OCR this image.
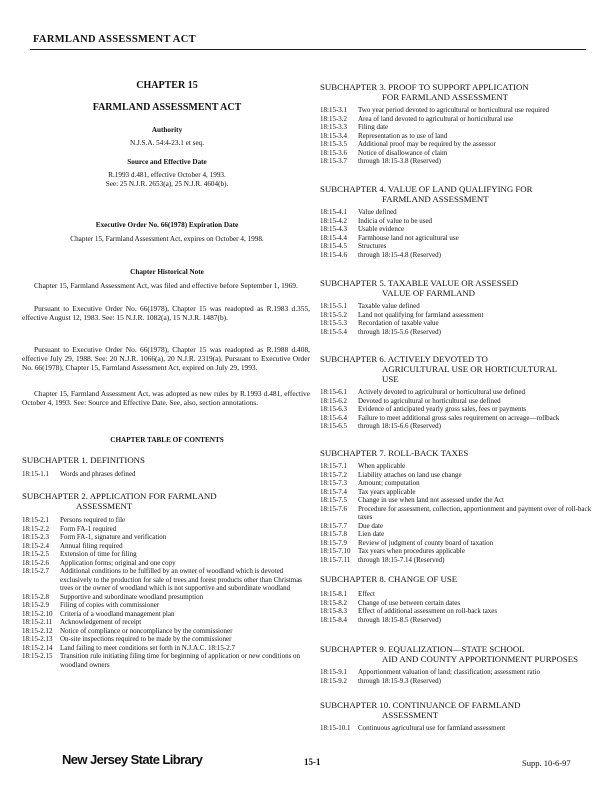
FARMLAND ASSESSMENT ACT
CHAPTER 15
FARMLAND ASSESSMENT ACT
Authority
N.J.S.A. 54:4-23.1 et seq.
Source and Effective Date
R.1993 d.481, effective October 4, 1993.
See: 25 N.J.R. 2653(a), 25 N.J.R. 4604(b).
Executive Order No. 66(1978) Expiration Date
Chapter 15, Farmland Assessment Act, expires on October 4, 1998.
Chapter Historical Note
Chapter 15, Farmland Assessment Act, was filed and effective before September 1, 1969.
Pursuant to Executive Order No. 66(1978), Chapter 15 was readopted as R.1983 d.355, effective August 12, 1983. See: 15 N.J.R. 1082(a), 15 N.J.R. 1487(b).
Pursuant to Executive Order No. 66(1978), Chapter 15 was readopted as R.1988 d.408, effective July 29, 1988. See: 20 N.J.R. 1066(a), 20 N.J.R. 2319(a). Pursuant to Executive Order No. 66(1978), Chapter 15, Farmland Assessment Act, expired on July 29, 1993.
Chapter 15, Farmland Assessment Act, was adopted as new rules by R.1993 d.481, effective October 4, 1993. See: Source and Effective Date. See, also, section annotations.
CHAPTER TABLE OF CONTENTS
SUBCHAPTER 1. DEFINITIONS
18:15-1.1 Words and phrases defined
SUBCHAPTER 2. APPLICATION FOR FARMLAND
ASSESSMENT
18:15-2.1 Persons required to file
18:15-2.2 Form FA-1 required
18:15-2.3 Form FA-1, signature and verification
18:15-2.4 Annual filing required
18:15-2.5 Extension of time for filing
18:15-2.6 Application forms; original and one copy
18:15-2.7 Additional conditions to be fulfilled by an owner of woodland which is devoted exclusively to the production for sale of trees and forest products other than Christmas trees or the owner of woodland which is not supportive and subordinate woodland
18:15-2.8 Supportive and subordinate woodland presumption
18:15-2.9 Filing of copies with commissioner
18:15-2.10 Criteria of a woodland management plan
18:15-2.11 Acknowledgement of receipt
18:15-2.12 Notice of compliance or noncompliance by the commissioner
18:15-2.13 On-site inspections required to be made by the commissioner
18:15-2.14 Land failing to meet conditions set forth in N.J.A.C. 18:15-2.7
18:15-2.15 Transition rule initiating filing time for beginning of application or new conditions on woodland owners
SUBCHAPTER 3. PROOF TO SUPPORT APPLICATION
FOR FARMLAND ASSESSMENT
18:15-3.1 Two year period devoted to agricultural or horticultural use required
18:15-3.2 Area of land devoted to agricultural or horticultural use
18:15-3.3 Filing date
18:15-3.4 Representation as to use of land
18:15-3.5 Additional proof may be required by the assessor
18:15-3.6 Notice of disallowance of claim
18:15-3.7 through 18:15-3.8 (Reserved)
SUBCHAPTER 4. VALUE OF LAND QUALIFYING FOR
FARMLAND ASSESSMENT
18:15-4.1 Value defined
18:15-4.2 Indicia of value to be used
18:15-4.3 Usable evidence
18:15-4.4 Farmhouse land not agricultural use
18:15-4.5 Structures
18:15-4.6 through 18:15-4.8 (Reserved)
SUBCHAPTER 5. TAXABLE VALUE OR ASSESSED
VALUE OF FARMLAND
18:15-5.1 Taxable value defined
18:15-5.2 Land not qualifying for farmland assessment
18:15-5.3 Recordation of taxable value
18:15-5.4 through 18:15-5.6 (Reserved)
SUBCHAPTER 6. ACTIVELY DEVOTED TO
AGRICULTURAL USE OR HORTICULTURAL
USE
18:15-6.1 Actively devoted to agricultural or horticultural use defined
18:15-6.2 Devoted to agricultural or horticultural use defined
18:15-6.3 Evidence of anticipated yearly gross sales, fees or payments
18:15-6.4 Failure to meet additional gross sales requirement on acreage—rollback
18:15-6.5 through 18:15-6.6 (Reserved)
SUBCHAPTER 7. ROLL-BACK TAXES
18:15-7.1 When applicable
18:15-7.2 Liability attaches on land use change
18:15-7.3 Amount; computation
18:15-7.4 Tax years applicable
18:15-7.5 Change in use when land not assessed under the Act
18:15-7.6 Procedure for assessment, collection, apportionment and payment over of roll-back taxes
18:15-7.7 Due date
18:15-7.8 Lien date
18:15-7.9 Review of judgment of county board of taxation
18:15-7.10 Tax years when procedures applicable
18:15-7.11 through 18:15-7.14 (Reserved)
SUBCHAPTER 8. CHANGE OF USE
18:15-8.1 Effect
18:15-8.2 Change of use between certain dates
18:15-8.3 Effect of additional assessment on roll-back taxes
18:15-8.4 through 18:15-8.5 (Reserved)
SUBCHAPTER 9. EQUALIZATION—STATE SCHOOL
AID AND COUNTY APPORTIONMENT PURPOSES
18:15-9.1 Apportionment valuation of land; classification; assessment ratio
18:15-9.2 through 18:15-9.3 (Reserved)
SUBCHAPTER 10. CONTINUANCE OF FARMLAND
ASSESSMENT
18:15-10.1 Continuous agricultural use for farmland assessment
New Jersey State Library	15-1	Supp. 10-6-97
